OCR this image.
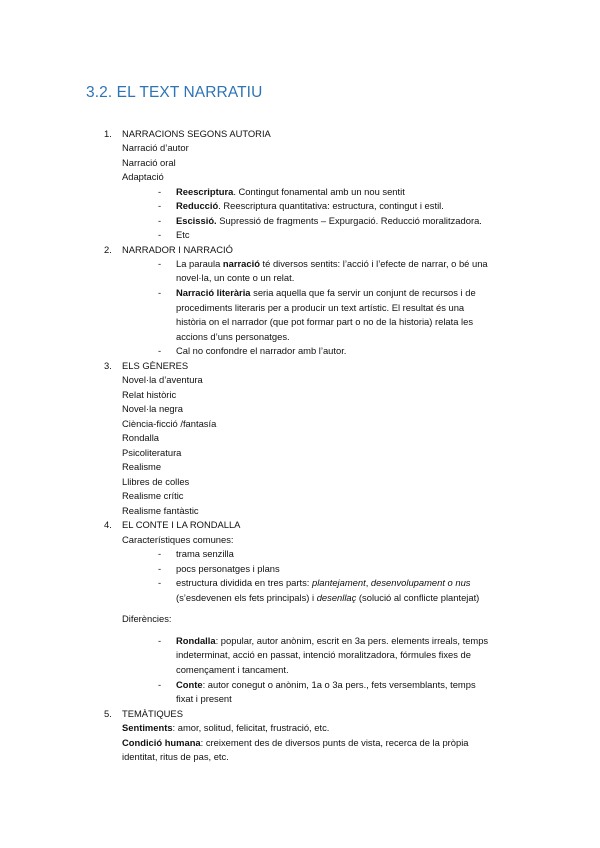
3.2. EL TEXT NARRATIU
1. NARRACIONS SEGONS AUTORIA
Narració d’autor
Narració oral
Adaptació
- Reescriptura. Contingut fonamental amb un nou sentit
- Reducció. Reescriptura quantitativa: estructura, contingut i estil.
- Escissió. Supressió de fragments – Expurgació. Reducció moralitzadora.
- Etc
2. NARRADOR I NARRACIÓ
- La paraula narració té diversos sentits: l’acció i l’efecte de narrar, o bé una
novel·la, un conte o un relat.
- Narració literària seria aquella que fa servir un conjunt de recursos i de
procediments literaris per a producir un text artístic. El resultat és una
història on el narrador (que pot formar part o no de la historia) relata les
accions d’uns personatges.
- Cal no confondre el narrador amb l’autor.
3. ELS GÈNERES
Novel·la d’aventura
Relat històric
Novel·la negra
Ciència-ficció /fantasía
Rondalla
Psicoliteratura
Realisme
Llibres de colles
Realisme crític
Realisme fantàstic
4. EL CONTE I LA RONDALLA
Característiques comunes:
- trama senzilla
- pocs personatges i plans
- estructura dividida en tres parts: plantejament, desenvolupament o nus
(s’esdevenen els fets principals) i desenllaç (solució al conflicte plantejat)
Diferències:
- Rondalla: popular, autor anònim, escrit en 3a pers. elements irreals, temps
indeterminat, acció en passat, intenció moralitzadora, fórmules fixes de
començament i tancament.
- Conte: autor conegut o anònim, 1a o 3a pers., fets versemblants, temps
fixat i present
5. TEMÀTIQUES
Sentiments: amor, solitud, felicitat, frustració, etc.
Condició humana: creixement des de diversos punts de vista, recerca de la pròpia
identitat, ritus de pas, etc.
